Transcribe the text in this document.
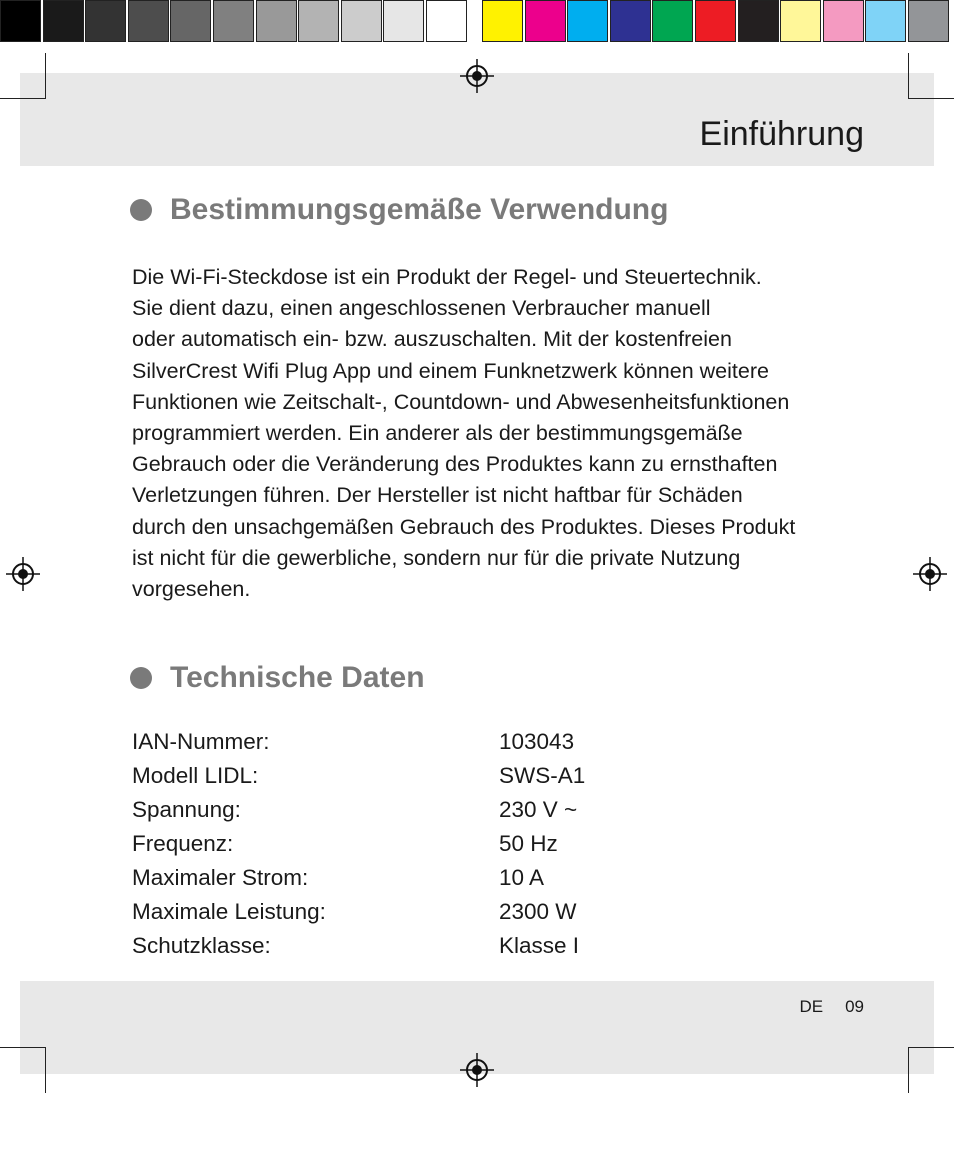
Einführung
Bestimmungsgemäße Verwendung

Die Wi-Fi-Steckdose ist ein Produkt der Regel- und Steuertechnik.

Sie dient dazu, einen angeschlossenen Verbraucher manuell

oder automatisch ein- bzw. auszuschalten. Mit der kostenfreien

SilverCrest Wifi Plug App und einem Funknetzwerk können weitere

Funktionen wie Zeitschalt-, Countdown- und Abwesenheitsfunktionen

programmiert werden. Ein anderer als der bestimmungsgemäße

Gebrauch oder die Veränderung des Produktes kann zu ernsthaften

Verletzungen führen. Der Hersteller ist nicht haftbar für Schäden

durch den unsachgemäßen Gebrauch des Produktes. Dieses Produkt

ist nicht für die gewerbliche, sondern nur für die private Nutzung

vorgesehen.

Technische Daten
IAN-Nummer:	103043
Modell LIDL:	SWS-A1
Spannung:	230 V ~
Frequenz:	50 Hz
Maximaler Strom:	10 A
Maximale Leistung:	2300 W
Schutzklasse:	Klasse I
DE 09
